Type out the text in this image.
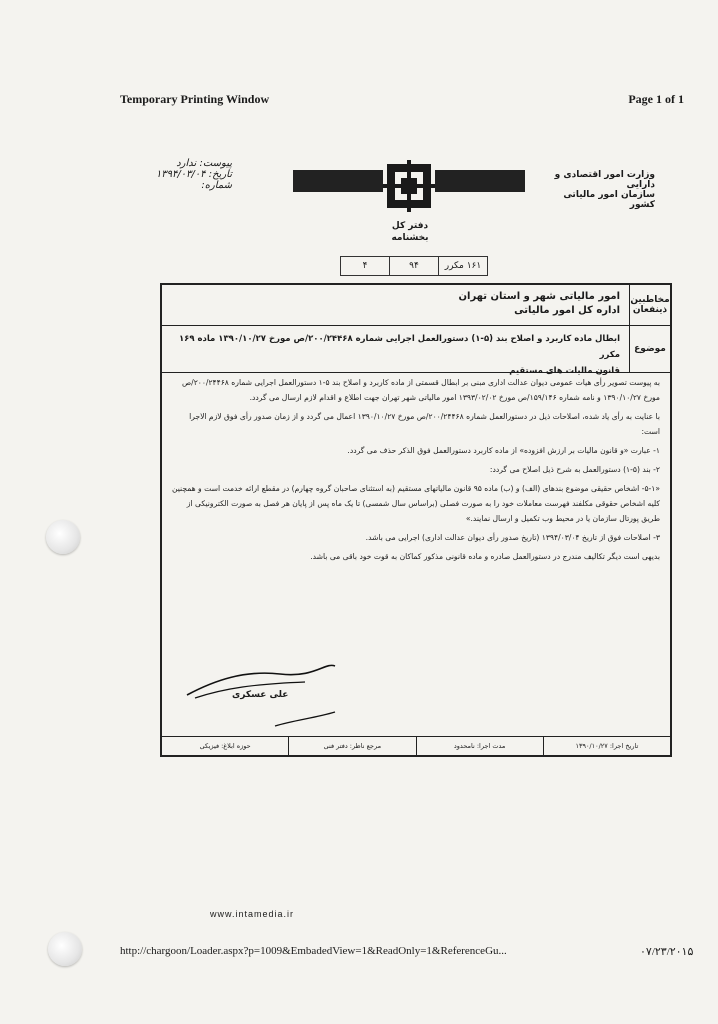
Temporary Printing Window	Page 1 of 1
پیوست: ندارد
تاریخ: ۱۳۹۴/۰۳/۰۴
شماره:
وزارت امور اقتصادی و دارایی
سازمان امور مالیاتی کشور
دفتر کل
بخشنامه
۱۶۱ مکرر
۹۴
۴
مخاطبین ذینفعان
امور مالیاتی شهر و استان تهران
اداره کل امور مالیاتی
موضوع
ابطال ماده کاربرد و اصلاح بند (۵-۱) دستورالعمل اجرایی شماره ۲۰۰/۲۴۴۶۸/ص مورخ ۱۳۹۰/۱۰/۲۷ ماده ۱۶۹ مکرر
قانون مالیات های مستقیم
تاریخ اجرا: ۱۳۹۰/۱۰/۲۷
مدت اجرا: نامحدود
مرجع ناظر: دفتر فنی
حوزه ابلاغ: فیزیکی

به پیوست تصویر رأی هیات عمومی دیوان عدالت اداری مبنی بر ابطال قسمتی از ماده کاربرد و اصلاح بند ۵-۱ دستورالعمل اجرایی شماره ۲۰۰/۲۴۴۶۸/ص مورخ ۱۳۹۰/۱۰/۲۷ و نامه شماره ۱۵۹/۱۴۶/ص مورخ ۱۳۹۳/۰۲/۰۲ امور مالیاتی شهر تهران جهت اطلاع و اقدام لازم ارسال می گردد.

با عنایت به رأی یاد شده، اصلاحات ذیل در دستورالعمل شماره ۲۰۰/۲۴۴۶۸/ص مورخ ۱۳۹۰/۱۰/۲۷ اعمال می گردد و از زمان صدور رأی فوق لازم الاجرا است:

۱- عبارت «و قانون مالیات بر ارزش افزوده» از ماده کاربرد دستورالعمل فوق الذکر حذف می گردد.

۲- بند (۵-۱) دستورالعمل به شرح ذیل اصلاح می گردد:

«۵-۱- اشخاص حقیقی موضوع بندهای (الف) و (ب) ماده ۹۵ قانون مالیاتهای مستقیم (به استثنای صاحبان گروه چهارم) در مقطع ارائه خدمت است و همچنین کلیه اشخاص حقوقی مکلفند فهرست معاملات خود را به صورت فصلی (براساس سال شمسی) تا یک ماه پس از پایان هر فصل به صورت الکترونیکی از طریق پورتال سازمان یا در محیط وب تکمیل و ارسال نمایند.»

۳- اصلاحات فوق از تاریخ ۱۳۹۴/۰۳/۰۴ (تاریخ صدور رأی دیوان عدالت اداری) اجرایی می باشد.

بدیهی است دیگر تکالیف مندرج در دستورالعمل صادره و ماده قانونی مذکور کماکان به قوت خود باقی می باشد.

علی عسکری
www.intamedia.ir
http://chargoon/Loader.aspx?p=1009&EmbadedView=1&ReadOnly=1&ReferenceGu...	۰۷/۲۳/۲۰۱۵
